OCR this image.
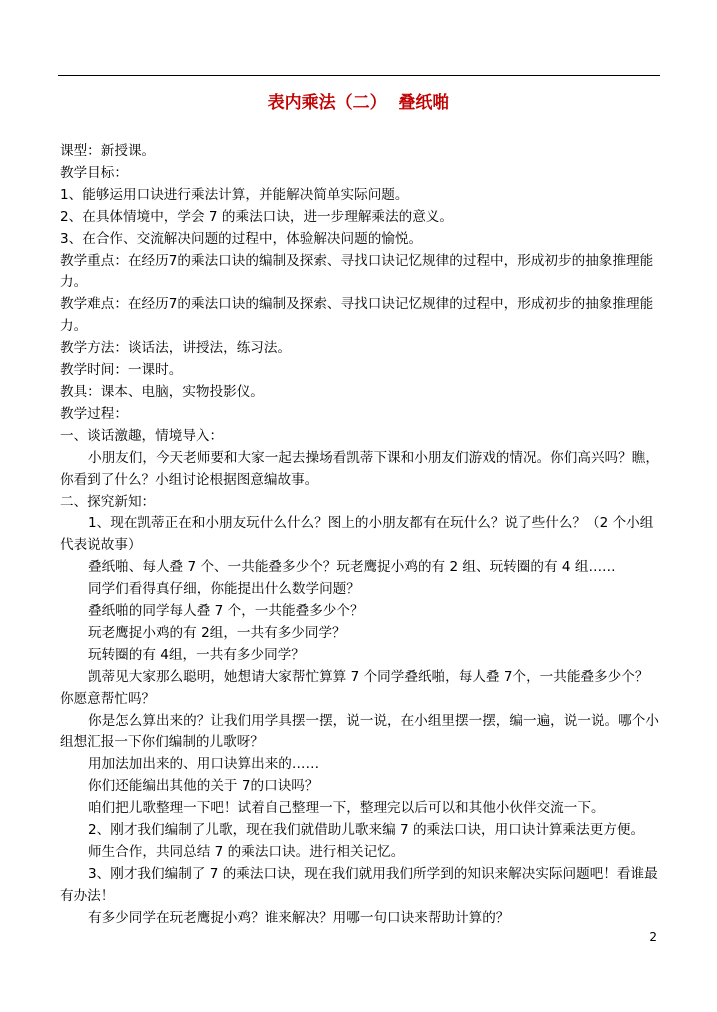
表内乘法（二）  叠纸啪

课型：新授课。

教学目标：

1、能够运用口诀进行乘法计算，并能解决简单实际问题。

2、在具体情境中，学会 7 的乘法口诀，进一步理解乘法的意义。

3、在合作、交流解决问题的过程中，体验解决问题的愉悦。

教学重点：在经历7的乘法口诀的编制及探索、寻找口诀记忆规律的过程中，形成初步的抽象推理能力。

教学难点：在经历7的乘法口诀的编制及探索、寻找口诀记忆规律的过程中，形成初步的抽象推理能力。

教学方法：谈话法，讲授法，练习法。

教学时间：一课时。

教具：课本、电脑，实物投影仪。

教学过程：

一、谈话激趣，情境导入：

小朋友们，今天老师要和大家一起去操场看凯蒂下课和小朋友们游戏的情况。你们高兴吗？瞧，你看到了什么？小组讨论根据图意编故事。

二、探究新知：

1、现在凯蒂正在和小朋友玩什么什么？图上的小朋友都有在玩什么？说了些什么？（2 个小组代表说故事）

叠纸啪、每人叠 7 个、一共能叠多少个？玩老鹰捉小鸡的有 2 组、玩转圈的有 4 组……

同学们看得真仔细，你能提出什么数学问题？

叠纸啪的同学每人叠 7 个，一共能叠多少个？

玩老鹰捉小鸡的有 2组，一共有多少同学？

玩转圈的有 4组，一共有多少同学？

凯蒂见大家那么聪明，她想请大家帮忙算算 7 个同学叠纸啪，每人叠 7个，一共能叠多少个？你愿意帮忙吗？

你是怎么算出来的？让我们用学具摆一摆，说一说，在小组里摆一摆，编一遍，说一说。哪个小组想汇报一下你们编制的儿歌呀？

用加法加出来的、用口诀算出来的……

你们还能编出其他的关于 7的口诀吗？

咱们把儿歌整理一下吧！试着自己整理一下，整理完以后可以和其他小伙伴交流一下。

2、刚才我们编制了儿歌，现在我们就借助儿歌来编 7 的乘法口诀，用口诀计算乘法更方便。

师生合作，共同总结 7 的乘法口诀。进行相关记忆。

3、刚才我们编制了 7 的乘法口诀，现在我们就用我们所学到的知识来解决实际问题吧！看谁最有办法！

有多少同学在玩老鹰捉小鸡？谁来解决？用哪一句口诀来帮助计算的？

2
